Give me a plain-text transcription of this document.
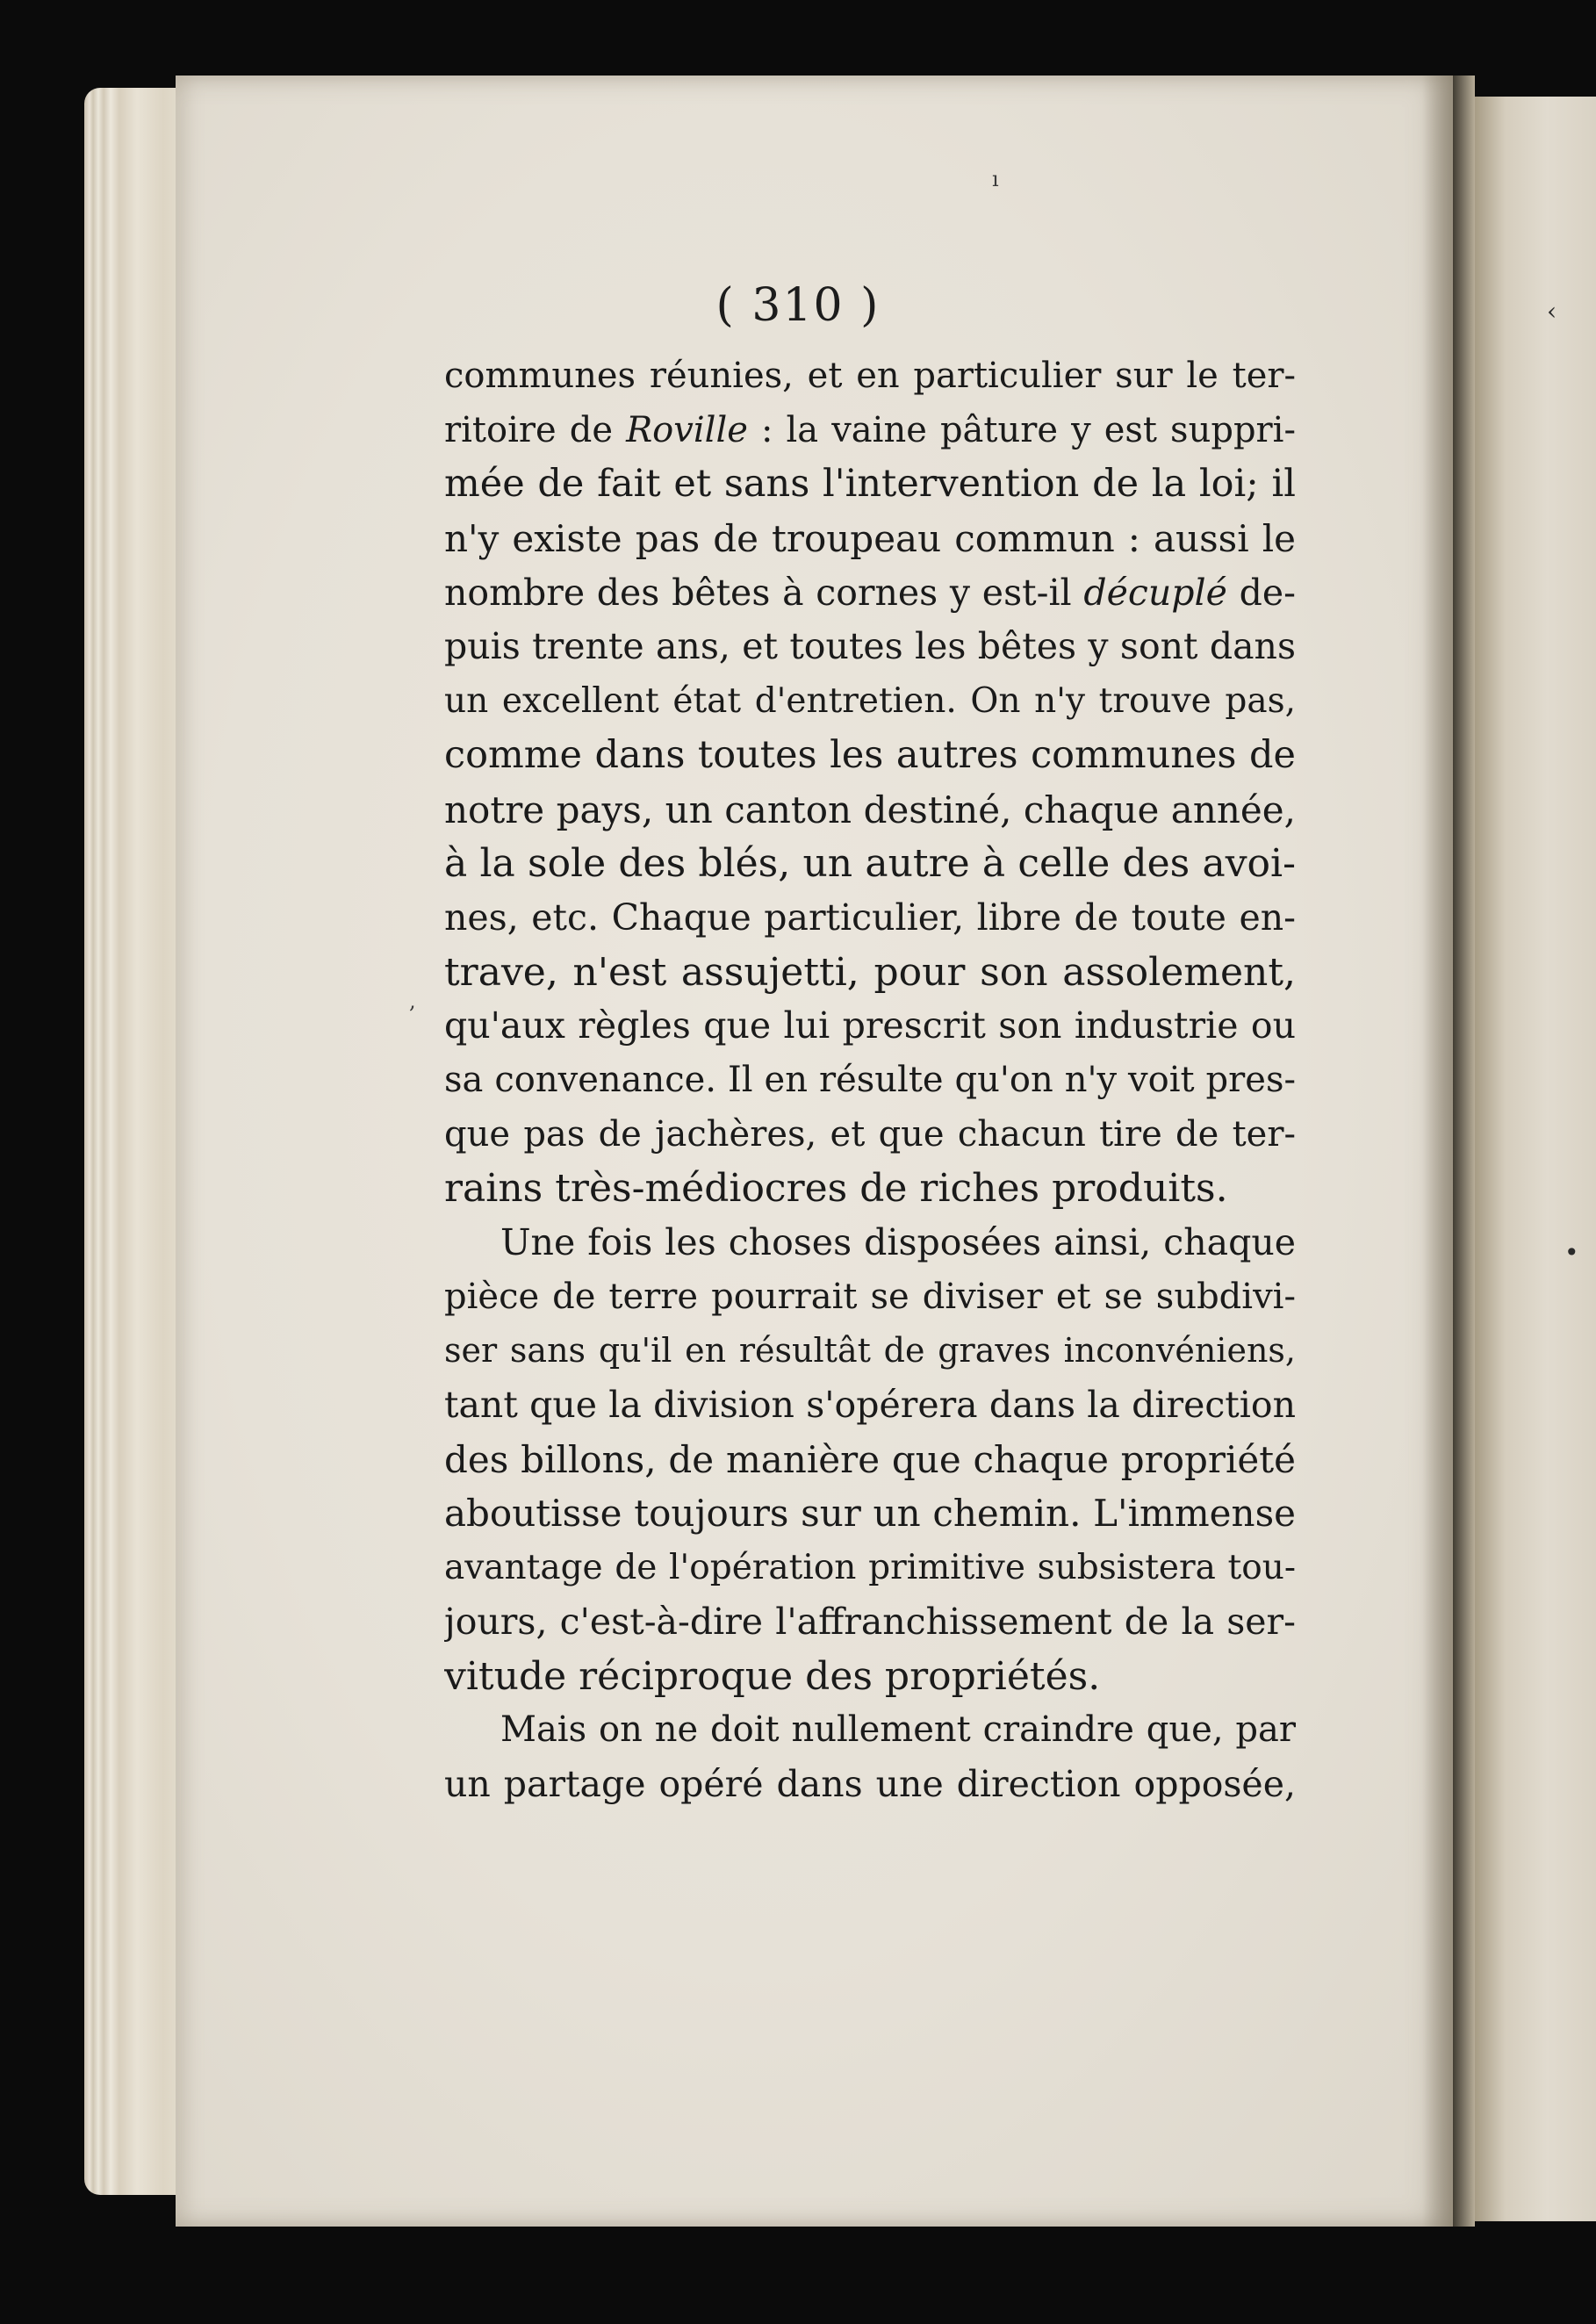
‹
•
ı
,
( 310 )
communes réunies, et en particulier sur le ter-
ritoire de Roville : la vaine pâture y est suppri-
mée de fait et sans l'intervention de la loi; il
n'y existe pas de troupeau commun : aussi le
nombre des bêtes à cornes y est-il décuplé de-
puis trente ans, et toutes les bêtes y sont dans
un excellent état d'entretien. On n'y trouve pas,
comme dans toutes les autres communes de
notre pays, un canton destiné, chaque année,
à la sole des blés, un autre à celle des avoi-
nes, etc. Chaque particulier, libre de toute en-
trave, n'est assujetti, pour son assolement,
qu'aux règles que lui prescrit son industrie ou
sa convenance. Il en résulte qu'on n'y voit pres-
que pas de jachères, et que chacun tire de ter-
rains très-médiocres de riches produits.
Une fois les choses disposées ainsi, chaque
pièce de terre pourrait se diviser et se subdivi-
ser sans qu'il en résultât de graves inconvéniens,
tant que la division s'opérera dans la direction
des billons, de manière que chaque propriété
aboutisse toujours sur un chemin. L'immense
avantage de l'opération primitive subsistera tou-
jours, c'est-à-dire l'affranchissement de la ser-
vitude réciproque des propriétés.
Mais on ne doit nullement craindre que, par
un partage opéré dans une direction opposée,
